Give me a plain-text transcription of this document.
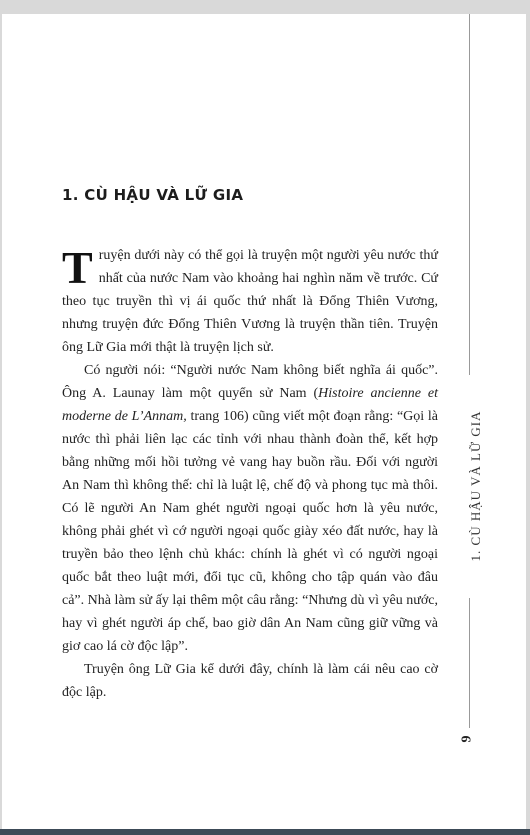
1. CÙ HẬU VÀ LỮ GIA

Truyện dưới này có thể gọi là truyện một người yêu nước thứ nhất của nước Nam vào khoảng hai nghìn năm về trước. Cứ theo tục truyền thì vị ái quốc thứ nhất là Đổng Thiên Vương, nhưng truyện đức Đổng Thiên Vương là truyện thần tiên. Truyện ông Lữ Gia mới thật là truyện lịch sử.

Có người nói: “Người nước Nam không biết nghĩa ái quốc”. Ông A. Launay làm một quyển sử Nam (Histoire ancienne et moderne de L’Annam, trang 106) cũng viết một đoạn rằng: “Gọi là nước thì phải liên lạc các tỉnh với nhau thành đoàn thể, kết hợp bằng những mối hồi tưởng vẻ vang hay buồn rầu. Đối với người An Nam thì không thế: chỉ là luật lệ, chế độ và phong tục mà thôi. Có lẽ người An Nam ghét người ngoại quốc hơn là yêu nước, không phải ghét vì cớ người ngoại quốc giày xéo đất nước, hay là truyền bảo theo lệnh chủ khác: chính là ghét vì có người ngoại quốc bắt theo luật mới, đổi tục cũ, không cho tập quán vào đâu cả”. Nhà làm sử ấy lại thêm một câu rằng: “Nhưng dù vì yêu nước, hay vì ghét người áp chế, bao giờ dân An Nam cũng giữ vững và giơ cao lá cờ độc lập”.

Truyện ông Lữ Gia kể dưới đây, chính là làm cái nêu cao cờ độc lập.

1. CÙ HẬU VÀ LỮ GIA
9
